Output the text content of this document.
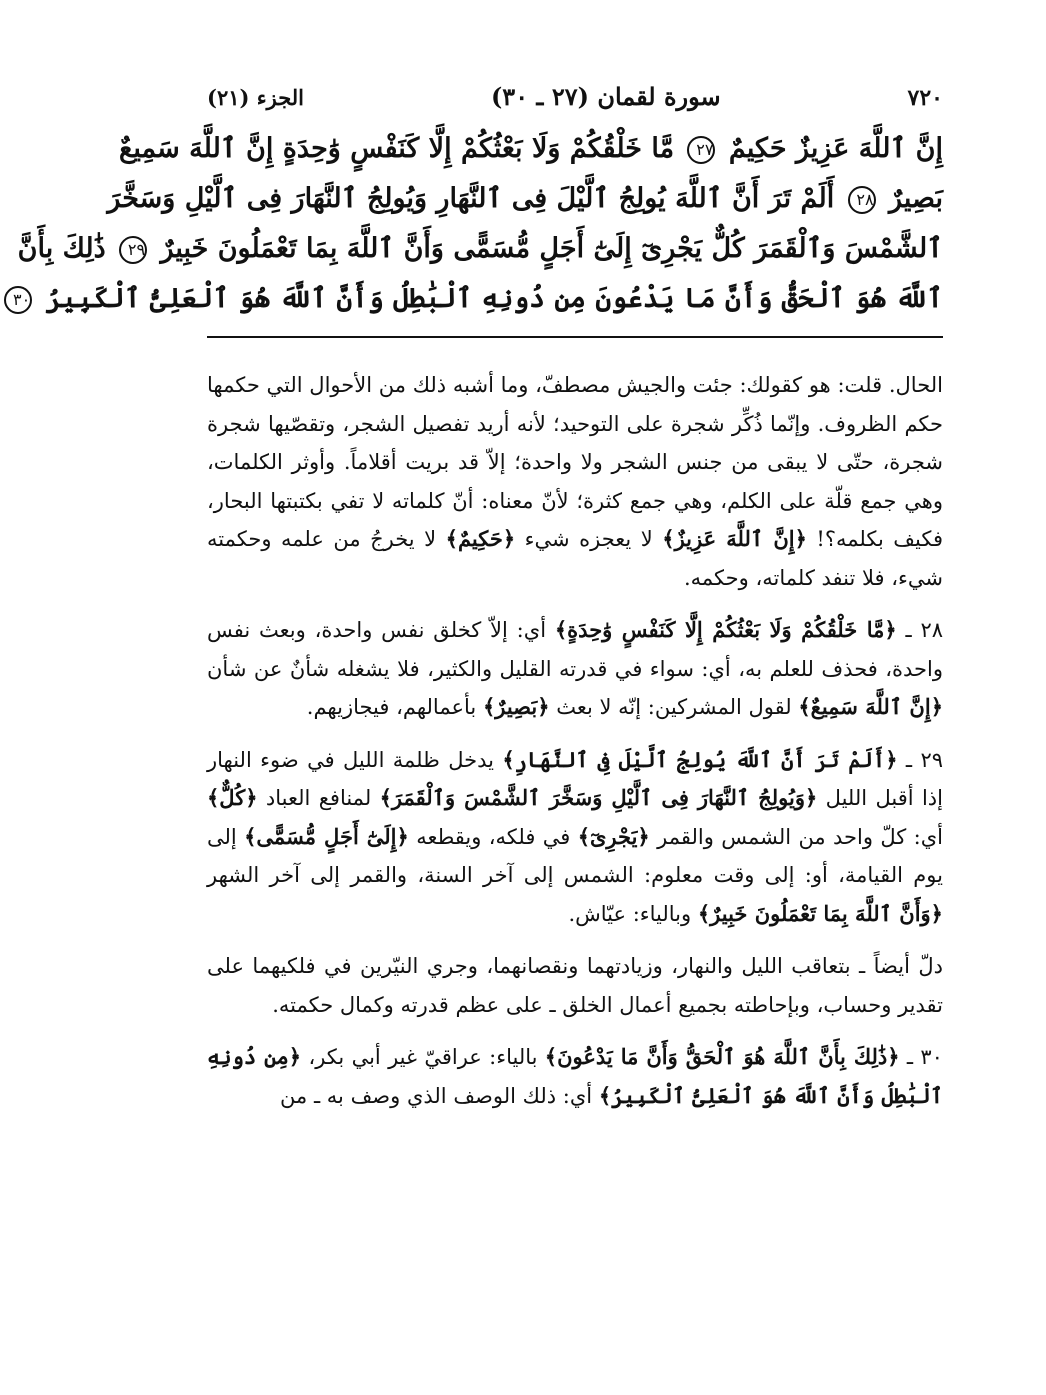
٧٢٠
سورة لقمان (٢٧ ـ ٣٠)
الجزء (٢١)
إِنَّ ٱللَّهَ عَزِيزٌ حَكِيمٌ ٢٧ مَّا خَلْقُكُمْ وَلَا بَعْثُكُمْ إِلَّا كَنَفْسٍ وَٰحِدَةٍ إِنَّ ٱللَّهَ سَمِيعٌ
بَصِيرٌ ٢٨ أَلَمْ تَرَ أَنَّ ٱللَّهَ يُولِجُ ٱلَّيْلَ فِى ٱلنَّهَارِ وَيُولِجُ ٱلنَّهَارَ فِى ٱلَّيْلِ وَسَخَّرَ
ٱلشَّمْسَ وَٱلْقَمَرَ كُلٌّ يَجْرِىٓ إِلَىٰٓ أَجَلٍ مُّسَمًّى وَأَنَّ ٱللَّهَ بِمَا تَعْمَلُونَ خَبِيرٌ ٢٩ ذَٰلِكَ بِأَنَّ
ٱللَّهَ هُوَ ٱلْحَقُّ وَأَنَّ مَا يَدْعُونَ مِن دُونِهِ ٱلْبَٰطِلُ وَأَنَّ ٱللَّهَ هُوَ ٱلْعَلِىُّ ٱلْكَبِيرُ ٣٠

الحال. قلت: هو كقولك: جئت والجيش مصطفّ، وما أشبه ذلك من الأحوال التي حكمها حكم الظروف. وإنّما ذُكِّر شجرة على التوحيد؛ لأنه أريد تفصيل الشجر، وتقصّيها شجرة شجرة، حتّى لا يبقى من جنس الشجر ولا واحدة؛ إلاّ قد بريت أقلاماً. وأوثر الكلمات، وهي جمع قلّة على الكلم، وهي جمع كثرة؛ لأنّ معناه: أنّ كلماته لا تفي بكتبتها البحار، فكيف بكلمه؟! ﴿إِنَّ ٱللَّهَ عَزِيزٌ﴾ لا يعجزه شيء ﴿حَكِيمٌ﴾ لا يخرجُ من علمه وحكمته شيء، فلا تنفد كلماته، وحكمه.

٢٨ ـ ﴿مَّا خَلْقُكُمْ وَلَا بَعْثُكُمْ إِلَّا كَنَفْسٍ وَٰحِدَةٍ﴾ أي: إلاّ كخلق نفس واحدة، وبعث نفس واحدة، فحذف للعلم به، أي: سواء في قدرته القليل والكثير، فلا يشغله شأنٌ عن شأن ﴿إِنَّ ٱللَّهَ سَمِيعٌ﴾ لقول المشركين: إنّه لا بعث ﴿بَصِيرٌ﴾ بأعمالهم، فيجازيهم.

٢٩ ـ ﴿أَلَمْ تَرَ أَنَّ ٱللَّهَ يُولِجُ ٱلَّيْلَ فِى ٱلنَّهَارِ﴾ يدخل ظلمة الليل في ضوء النهار إذا أقبل الليل ﴿وَيُولِجُ ٱلنَّهَارَ فِى ٱلَّيْلِ وَسَخَّرَ ٱلشَّمْسَ وَٱلْقَمَرَ﴾ لمنافع العباد ﴿كُلٌّ﴾ أي: كلّ واحد من الشمس والقمر ﴿يَجْرِىٓ﴾ في فلكه، ويقطعه ﴿إِلَىٰٓ أَجَلٍ مُّسَمًّى﴾ إلى يوم القيامة، أو: إلى وقت معلوم: الشمس إلى آخر السنة، والقمر إلى آخر الشهر ﴿وَأَنَّ ٱللَّهَ بِمَا تَعْمَلُونَ خَبِيرٌ﴾ وبالياء: عيّاش.

دلّ أيضاً ـ بتعاقب الليل والنهار، وزيادتهما ونقصانهما، وجري النيّرين في فلكيهما على تقدير وحساب، وبإحاطته بجميع أعمال الخلق ـ على عظم قدرته وكمال حكمته.

٣٠ ـ ﴿ذَٰلِكَ بِأَنَّ ٱللَّهَ هُوَ ٱلْحَقُّ وَأَنَّ مَا يَدْعُونَ﴾ بالياء: عراقيّ غير أبي بكر، ﴿مِن دُونِهِ ٱلْبَٰطِلُ وَأَنَّ ٱللَّهَ هُوَ ٱلْعَلِىُّ ٱلْكَبِيرُ﴾ أي: ذلك الوصف الذي وصف به ـ من
